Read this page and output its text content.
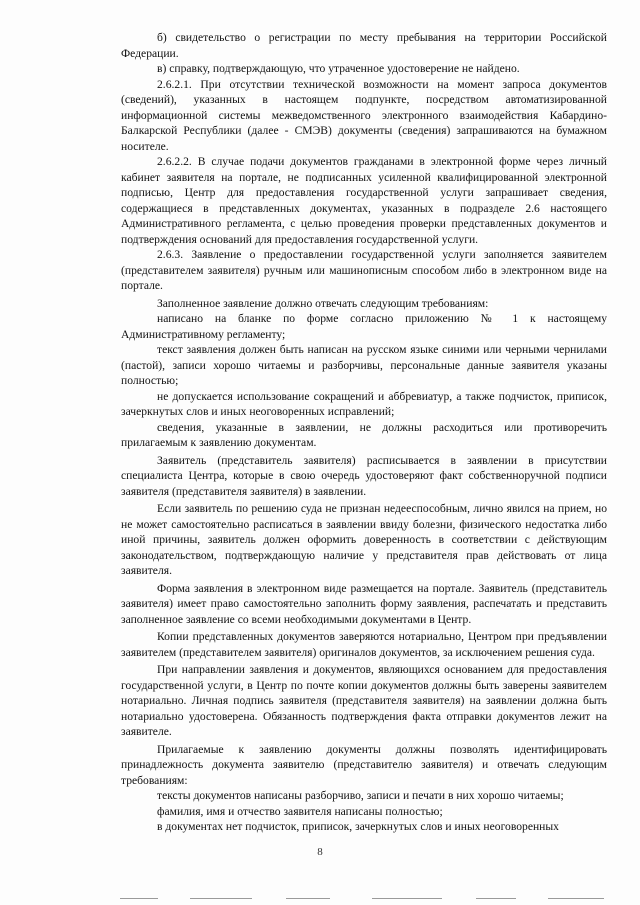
б) свидетельство о регистрации по месту пребывания на территории Российской Федерации.

в) справку, подтверждающую, что утраченное удостоверение не найдено.

2.6.2.1. При отсутствии технической возможности на момент запроса документов (сведений), указанных в настоящем подпункте, посредством автоматизированной информационной системы межведомственного электронного взаимодействия Кабардино-Балкарской Республики (далее - СМЭВ) документы (сведения) запрашиваются на бумажном носителе.

2.6.2.2. В случае подачи документов гражданами в электронной форме через личный кабинет заявителя на портале, не подписанных усиленной квалифицированной электронной подписью, Центр для предоставления государственной услуги запрашивает сведения, содержащиеся в представленных документах, указанных в подразделе 2.6 настоящего Административного регламента, с целью проведения проверки представленных документов и подтверждения оснований для предоставления государственной услуги.

2.6.3. Заявление о предоставлении государственной услуги заполняется заявителем (представителем заявителя) ручным или машинописным способом либо в электронном виде на портале.

Заполненное заявление должно отвечать следующим требованиям:

написано на бланке по форме согласно приложению № 1 к настоящему Административному регламенту;

текст заявления должен быть написан на русском языке синими или черными чернилами (пастой), записи хорошо читаемы и разборчивы, персональные данные заявителя указаны полностью;

не допускается использование сокращений и аббревиатур, а также подчисток, приписок, зачеркнутых слов и иных неоговоренных исправлений;

сведения, указанные в заявлении, не должны расходиться или противоречить прилагаемым к заявлению документам.

Заявитель (представитель заявителя) расписывается в заявлении в присутствии специалиста Центра, которые в свою очередь удостоверяют факт собственноручной подписи заявителя (представителя заявителя) в заявлении.

Если заявитель по решению суда не признан недееспособным, лично явился на прием, но не может самостоятельно расписаться в заявлении ввиду болезни, физического недостатка либо иной причины, заявитель должен оформить доверенность в соответствии с действующим законодательством, подтверждающую наличие у представителя прав действовать от лица заявителя.

Форма заявления в электронном виде размещается на портале. Заявитель (представитель заявителя) имеет право самостоятельно заполнить форму заявления, распечатать и представить заполненное заявление со всеми необходимыми документами в Центр.

Копии представленных документов заверяются нотариально, Центром при предъявлении заявителем (представителем заявителя) оригиналов документов, за исключением решения суда.

При направлении заявления и документов, являющихся основанием для предоставления государственной услуги, в Центр по почте копии документов должны быть заверены заявителем нотариально. Личная подпись заявителя (представителя заявителя) на заявлении должна быть нотариально удостоверена. Обязанность подтверждения факта отправки документов лежит на заявителе.

Прилагаемые к заявлению документы должны позволять идентифицировать принадлежность документа заявителю (представителю заявителя) и отвечать следующим требованиям:

тексты документов написаны разборчиво, записи и печати в них хорошо читаемы;

фамилия, имя и отчество заявителя написаны полностью;

в документах нет подчисток, приписок, зачеркнутых слов и иных неоговоренных

8
